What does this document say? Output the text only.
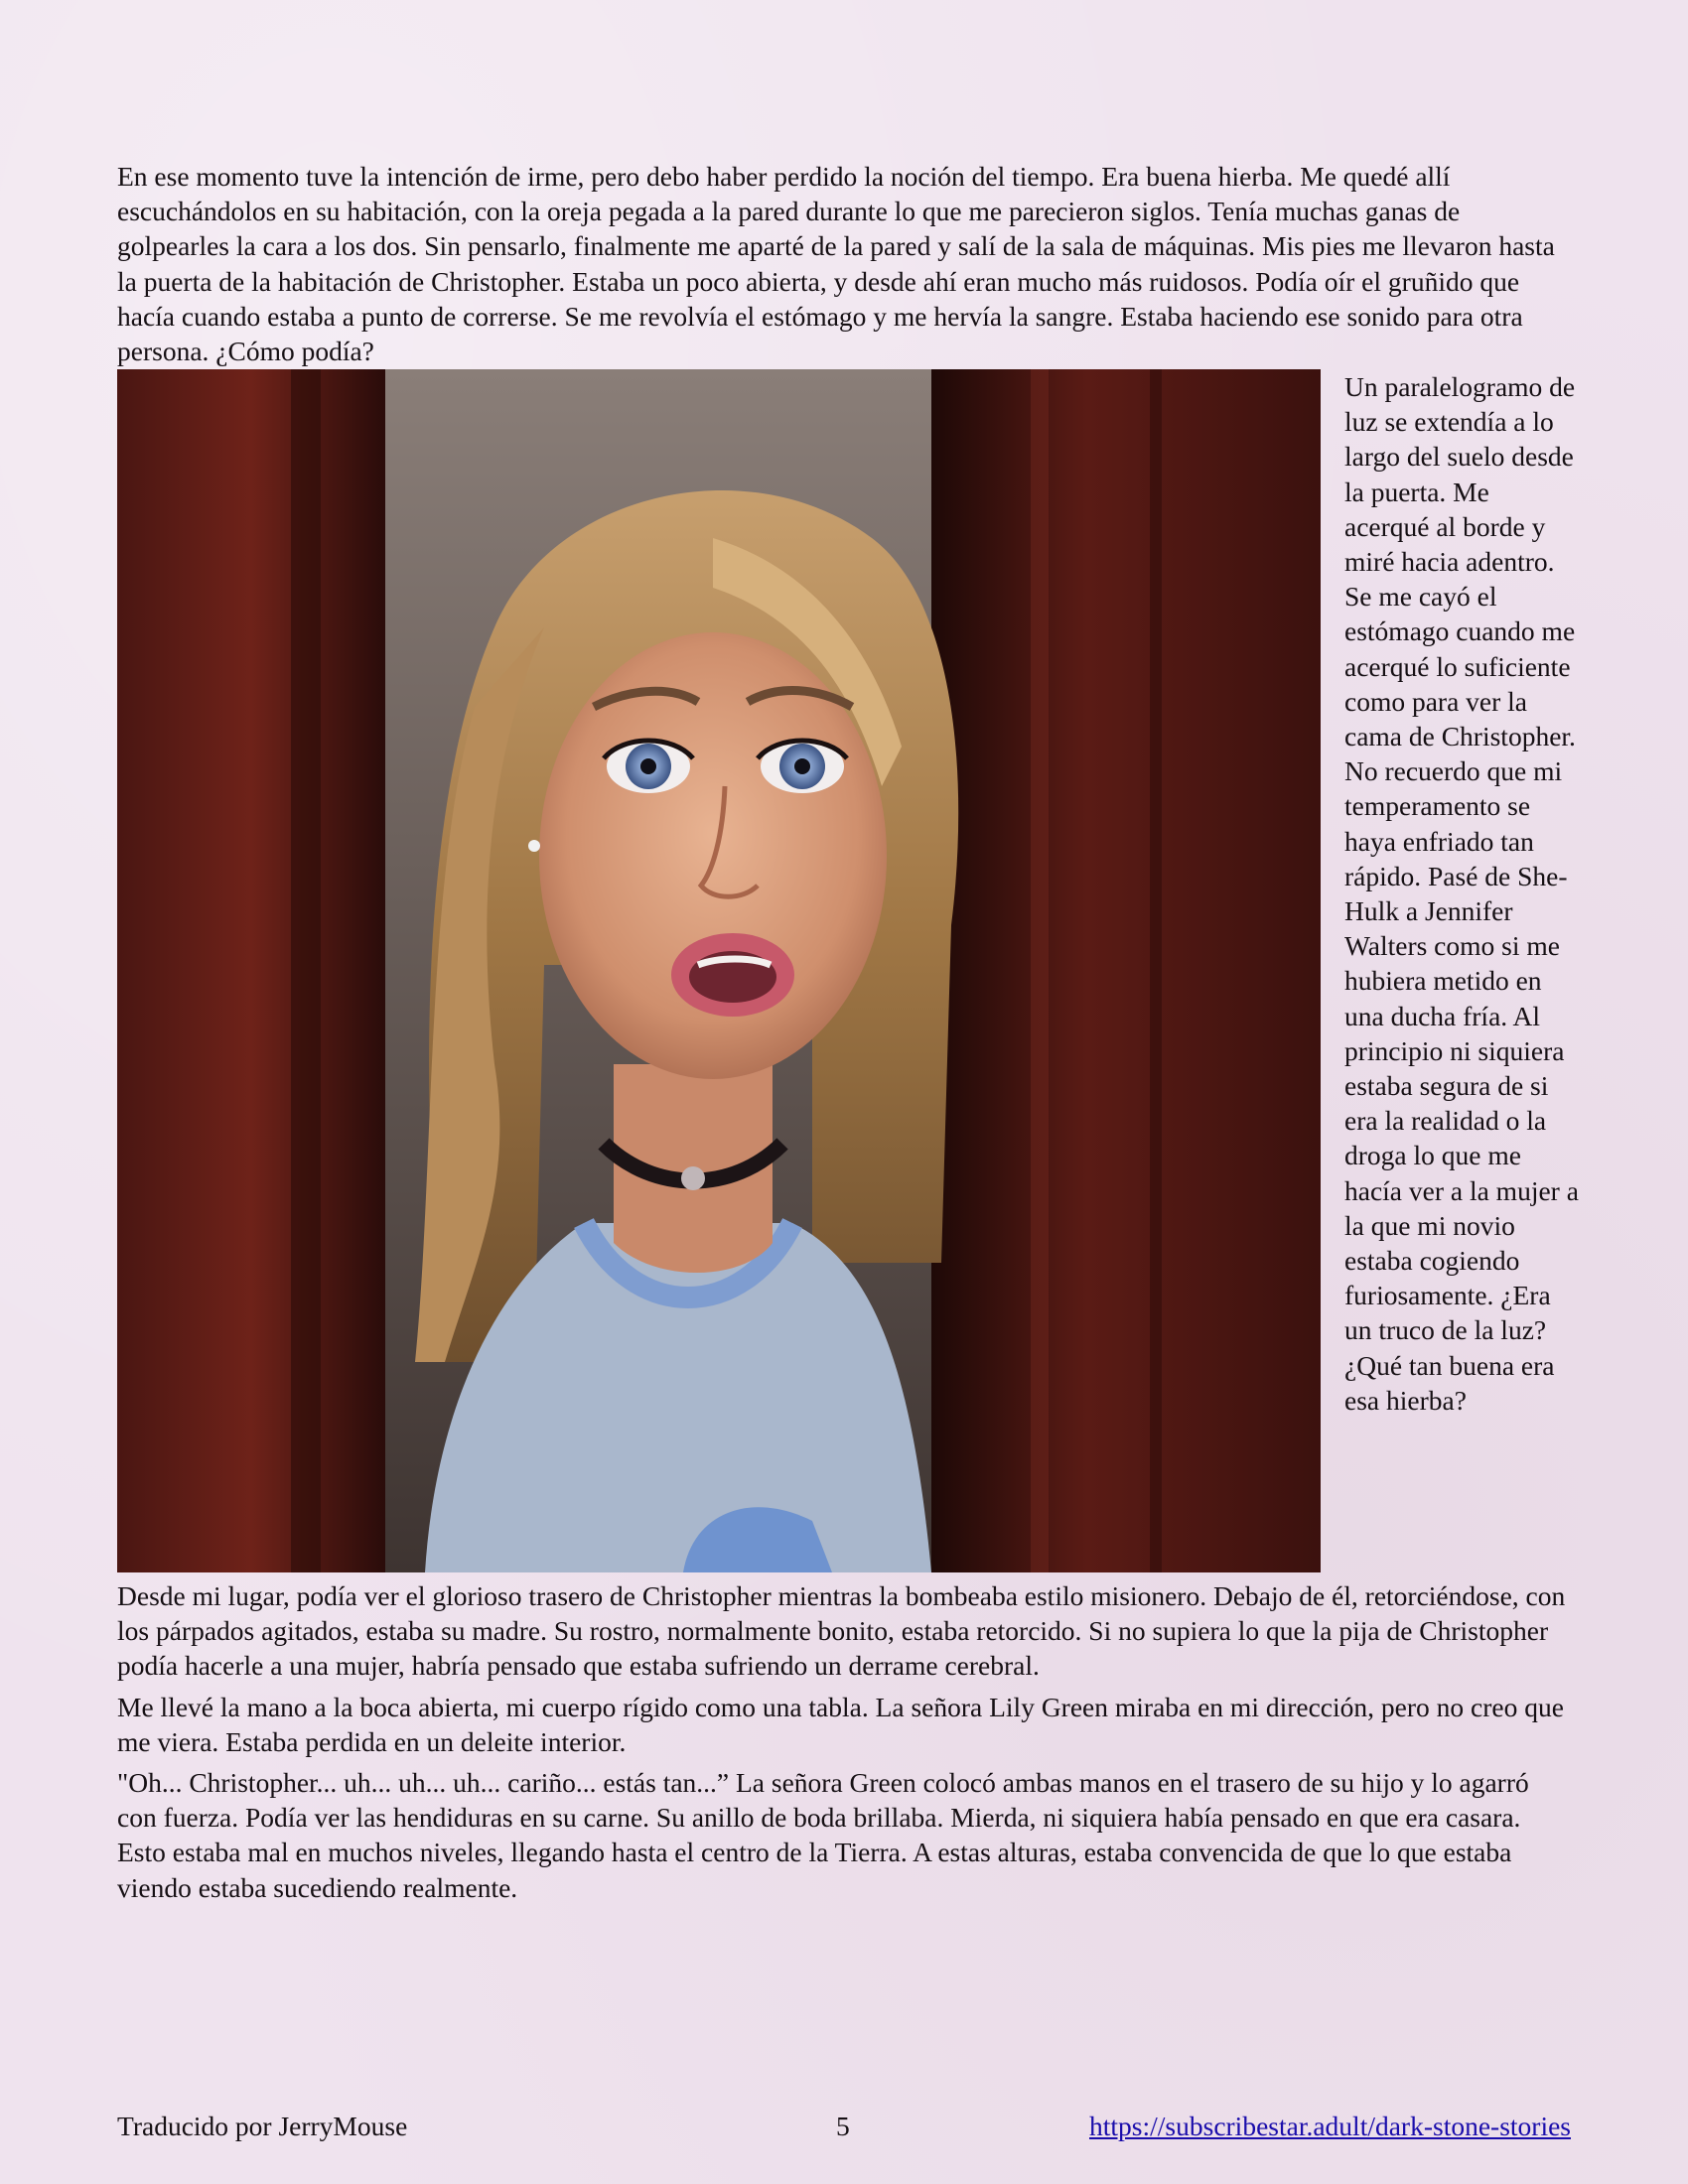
En ese momento tuve la intención de irme, pero debo haber perdido la noción del tiempo. Era buena hierba. Me quedé allí escuchándolos en su habitación, con la oreja pegada a la pared durante lo que me parecieron siglos. Tenía muchas ganas de golpearles la cara a los dos. Sin pensarlo, finalmente me aparté de la pared y salí de la sala de máquinas. Mis pies me llevaron hasta la puerta de la habitación de Christopher. Estaba un poco abierta, y desde ahí eran mucho más ruidosos. Podía oír el gruñido que hacía cuando estaba a punto de correrse. Se me revolvía el estómago y me hervía la sangre. Estaba haciendo ese sonido para otra persona. ¿Cómo podía?

Un paralelogramo de luz se extendía a lo largo del suelo desde la puerta. Me acerqué al borde y miré hacia adentro. Se me cayó el estómago cuando me acerqué lo suficiente como para ver la cama de Christopher. No recuerdo que mi temperamento se haya enfriado tan rápido. Pasé de She-Hulk a Jennifer Walters como si me hubiera metido en una ducha fría. Al principio ni siquiera estaba segura de si era la realidad o la droga lo que me hacía ver a la mujer a la que mi novio estaba cogiendo furiosamente. ¿Era un truco de la luz? ¿Qué tan buena era esa hierba?

Desde mi lugar, podía ver el glorioso trasero de Christopher mientras la bombeaba estilo misionero. Debajo de él, retorciéndose, con los párpados agitados, estaba su madre. Su rostro, normalmente bonito, estaba retorcido. Si no supiera lo que la pija de Christopher podía hacerle a una mujer, habría pensado que estaba sufriendo un derrame cerebral.

Me llevé la mano a la boca abierta, mi cuerpo rígido como una tabla. La señora Lily Green miraba en mi dirección, pero no creo que me viera. Estaba perdida en un deleite interior.

"Oh... Christopher... uh... uh... uh... cariño... estás tan...” La señora Green colocó ambas manos en el trasero de su hijo y lo agarró con fuerza. Podía ver las hendiduras en su carne. Su anillo de boda brillaba. Mierda, ni siquiera había pensado en que era casara. Esto estaba mal en muchos niveles, llegando hasta el centro de la Tierra. A estas alturas, estaba convencida de que lo que estaba viendo estaba sucediendo realmente.

Traducido por JerryMouse	5	https://subscribestar.adult/dark-stone-stories
